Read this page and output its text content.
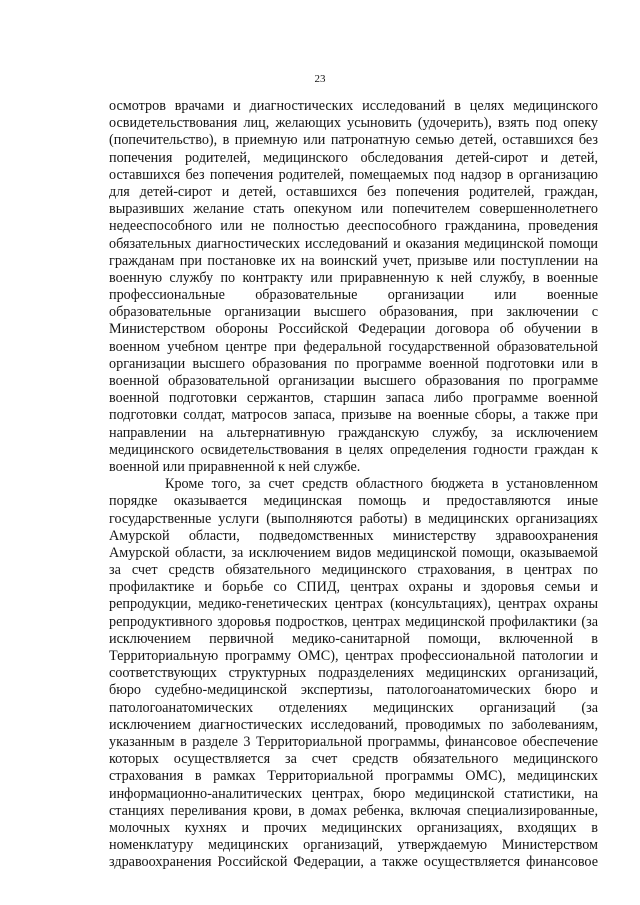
23
осмотров врачами и диагностических исследований в целях медицинского
освидетельствования лиц, желающих усыновить (удочерить), взять под опеку
(попечительство), в приемную или патронатную семью детей, оставшихся без
попечения родителей, медицинского обследования детей-сирот и детей,
оставшихся без попечения родителей, помещаемых под надзор в организацию
для детей-сирот и детей, оставшихся без попечения родителей, граждан,
выразивших желание стать опекуном или попечителем совершеннолетнего
недееспособного или не полностью дееспособного гражданина, проведения
обязательных диагностических исследований и оказания медицинской помощи
гражданам при постановке их на воинский учет, призыве или поступлении на
военную службу по контракту или приравненную к ней службу, в военные
профессиональные образовательные организации или военные
образовательные организации высшего образования, при заключении с
Министерством обороны Российской Федерации договора об обучении в
военном учебном центре при федеральной государственной образовательной
организации высшего образования по программе военной подготовки или в
военной образовательной организации высшего образования по программе
военной подготовки сержантов, старшин запаса либо программе военной
подготовки солдат, матросов запаса, призыве на военные сборы, а также при
направлении на альтернативную гражданскую службу, за исключением
медицинского освидетельствования в целях определения годности граждан к
военной или приравненной к ней службе.
Кроме того, за счет средств областного бюджета в установленном
порядке оказывается медицинская помощь и предоставляются иные
государственные услуги (выполняются работы) в медицинских организациях
Амурской области, подведомственных министерству здравоохранения
Амурской области, за исключением видов медицинской помощи, оказываемой
за счет средств обязательного медицинского страхования, в центрах по
профилактике и борьбе со СПИД, центрах охраны и здоровья семьи и
репродукции, медико-генетических центрах (консультациях), центрах охраны
репродуктивного здоровья подростков, центрах медицинской профилактики (за
исключением первичной медико-санитарной помощи, включенной в
Территориальную программу ОМС), центрах профессиональной патологии и
соответствующих структурных подразделениях медицинских организаций,
бюро судебно-медицинской экспертизы, патологоанатомических бюро и
патологоанатомических отделениях медицинских организаций (за
исключением диагностических исследований, проводимых по заболеваниям,
указанным в разделе 3 Территориальной программы, финансовое обеспечение
которых осуществляется за счет средств обязательного медицинского
страхования в рамках Территориальной программы ОМС), медицинских
информационно-аналитических центрах, бюро медицинской статистики, на
станциях переливания крови, в домах ребенка, включая специализированные,
молочных кухнях и прочих медицинских организациях, входящих в
номенклатуру медицинских организаций, утверждаемую Министерством
здравоохранения Российской Федерации, а также осуществляется финансовое
